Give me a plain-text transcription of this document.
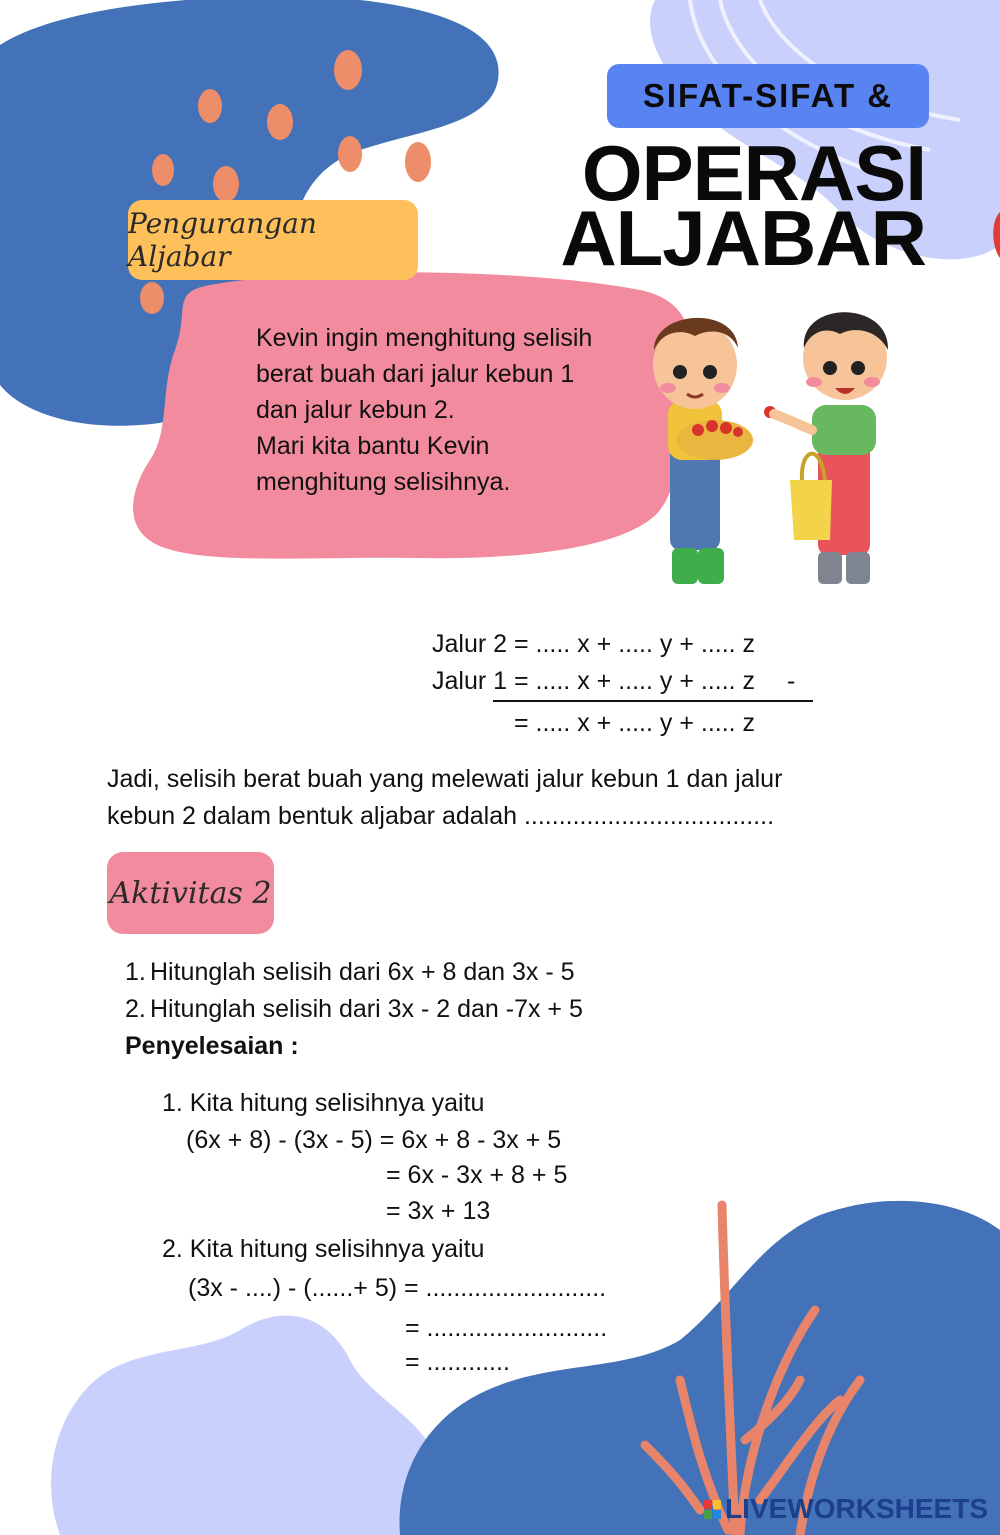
SIFAT-SIFAT &
OPERASI
ALJABAR
Pengurangan Aljabar
Kevin ingin menghitung selisih
berat buah dari jalur kebun 1
dan jalur kebun 2.
Mari kita bantu Kevin
menghitung selisihnya.
Jalur 2 = ..... x + ..... y + ..... z
Jalur 1 = ..... x + ..... y + ..... z -
= ..... x + ..... y + ..... z
Jadi, selisih berat buah yang melewati jalur kebun 1 dan jalur
kebun 2 dalam bentuk aljabar adalah ....................................
Aktivitas 2
1. Hitunglah selisih dari 6x + 8 dan 3x - 5
2. Hitunglah selisih dari 3x - 2 dan -7x + 5
Penyelesaian :
1. Kita hitung selisihnya yaitu
(6x + 8) - (3x - 5) = 6x + 8 - 3x + 5
= 6x - 3x + 8 + 5
= 3x + 13
2. Kita hitung selisihnya yaitu
(3x - ....) - (......+ 5) = ..........................
= ..........................
= ............
LIVEWORKSHEETS
